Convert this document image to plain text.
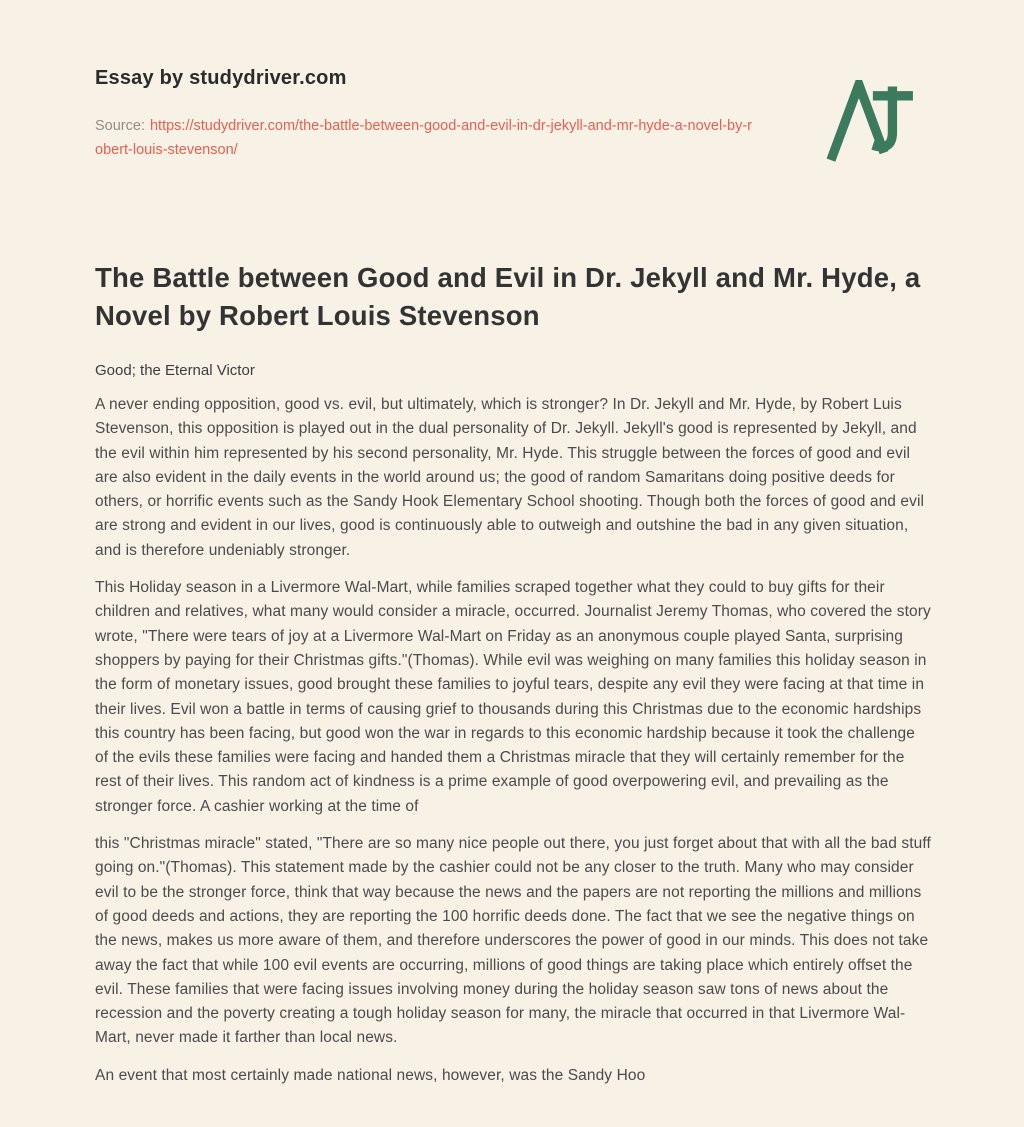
Essay by studydriver.com
Source: https://studydriver.com/the-battle-between-good-and-evil-in-dr-jekyll-and-mr-hyde-a-novel-by-robert-louis-stevenson/
The Battle between Good and Evil in Dr. Jekyll and Mr. Hyde, a Novel by Robert Louis Stevenson
Good; the Eternal Victor

A never ending opposition, good vs. evil, but ultimately, which is stronger? In Dr. Jekyll and Mr. Hyde, by Robert Luis Stevenson, this opposition is played out in the dual personality of Dr. Jekyll. Jekyll's good is represented by Jekyll, and the evil within him represented by his second personality, Mr. Hyde. This struggle between the forces of good and evil are also evident in the daily events in the world around us; the good of random Samaritans doing positive deeds for others, or horrific events such as the Sandy Hook Elementary School shooting. Though both the forces of good and evil are strong and evident in our lives, good is continuously able to outweigh and outshine the bad in any given situation, and is therefore undeniably stronger.

This Holiday season in a Livermore Wal-Mart, while families scraped together what they could to buy gifts for their children and relatives, what many would consider a miracle, occurred. Journalist Jeremy Thomas, who covered the story wrote, "There were tears of joy at a Livermore Wal-Mart on Friday as an anonymous couple played Santa, surprising shoppers by paying for their Christmas gifts."(Thomas). While evil was weighing on many families this holiday season in the form of monetary issues, good brought these families to joyful tears, despite any evil they were facing at that time in their lives. Evil won a battle in terms of causing grief to thousands during this Christmas due to the economic hardships this country has been facing, but good won the war in regards to this economic hardship because it took the challenge of the evils these families were facing and handed them a Christmas miracle that they will certainly remember for the rest of their lives. This random act of kindness is a prime example of good overpowering evil, and prevailing as the stronger force. A cashier working at the time of

this "Christmas miracle" stated, "There are so many nice people out there, you just forget about that with all the bad stuff going on."(Thomas). This statement made by the cashier could not be any closer to the truth. Many who may consider evil to be the stronger force, think that way because the news and the papers are not reporting the millions and millions of good deeds and actions, they are reporting the 100 horrific deeds done. The fact that we see the negative things on the news, makes us more aware of them, and therefore underscores the power of good in our minds. This does not take away the fact that while 100 evil events are occurring, millions of good things are taking place which entirely offset the evil. These families that were facing issues involving money during the holiday season saw tons of news about the recession and the poverty creating a tough holiday season for many, the miracle that occurred in that Livermore Wal-Mart, never made it farther than local news.

An event that most certainly made national news, however, was the Sandy Hoo
